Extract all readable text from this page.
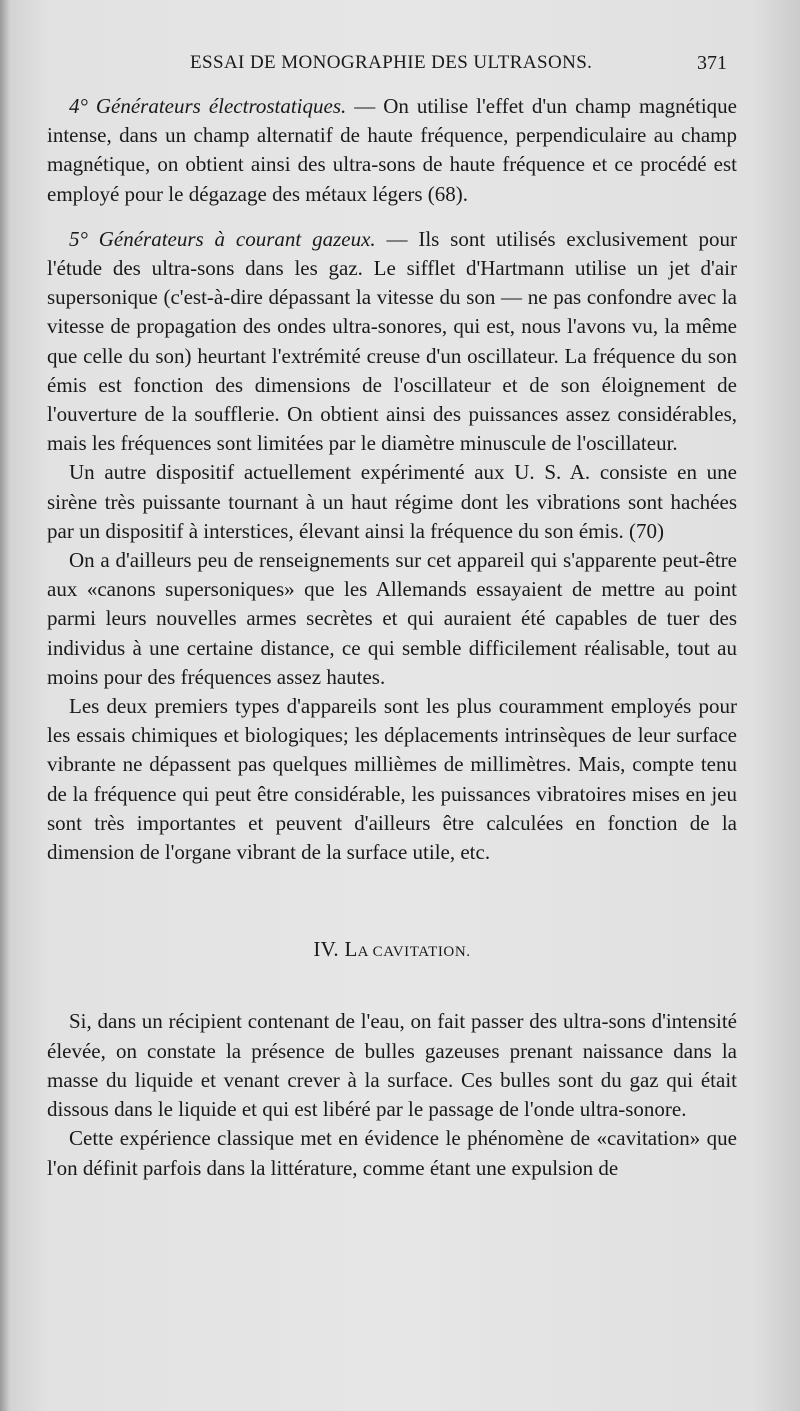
ESSAI DE MONOGRAPHIE DES ULTRASONS.	371

4° Générateurs électrostatiques. — On utilise l'effet d'un champ magnétique intense, dans un champ alternatif de haute fréquence, perpendiculaire au champ magnétique, on obtient ainsi des ultra-sons de haute fréquence et ce procédé est employé pour le dégazage des métaux légers (68).

5° Générateurs à courant gazeux. — Ils sont utilisés exclusivement pour l'étude des ultra-sons dans les gaz. Le sifflet d'Hartmann utilise un jet d'air supersonique (c'est-à-dire dépassant la vitesse du son — ne pas confondre avec la vitesse de propagation des ondes ultra-sonores, qui est, nous l'avons vu, la même que celle du son) heurtant l'extrémité creuse d'un oscillateur. La fréquence du son émis est fonction des dimensions de l'oscillateur et de son éloignement de l'ouverture de la soufflerie. On obtient ainsi des puissances assez considérables, mais les fréquences sont limitées par le diamètre minuscule de l'oscillateur.

Un autre dispositif actuellement expérimenté aux U. S. A. consiste en une sirène très puissante tournant à un haut régime dont les vibrations sont hachées par un dispositif à interstices, élevant ainsi la fréquence du son émis. (70)

On a d'ailleurs peu de renseignements sur cet appareil qui s'apparente peut-être aux «canons supersoniques» que les Allemands essayaient de mettre au point parmi leurs nouvelles armes secrètes et qui auraient été capables de tuer des individus à une certaine distance, ce qui semble difficilement réalisable, tout au moins pour des fréquences assez hautes.

Les deux premiers types d'appareils sont les plus couramment employés pour les essais chimiques et biologiques; les déplacements intrinsèques de leur surface vibrante ne dépassent pas quelques millièmes de millimètres. Mais, compte tenu de la fréquence qui peut être considérable, les puissances vibratoires mises en jeu sont très importantes et peuvent d'ailleurs être calculées en fonction de la dimension de l'organe vibrant de la surface utile, etc.

IV. LA CAVITATION.

Si, dans un récipient contenant de l'eau, on fait passer des ultra-sons d'intensité élevée, on constate la présence de bulles gazeuses prenant naissance dans la masse du liquide et venant crever à la surface. Ces bulles sont du gaz qui était dissous dans le liquide et qui est libéré par le passage de l'onde ultra-sonore.

Cette expérience classique met en évidence le phénomène de «cavitation» que l'on définit parfois dans la littérature, comme étant une expulsion de
